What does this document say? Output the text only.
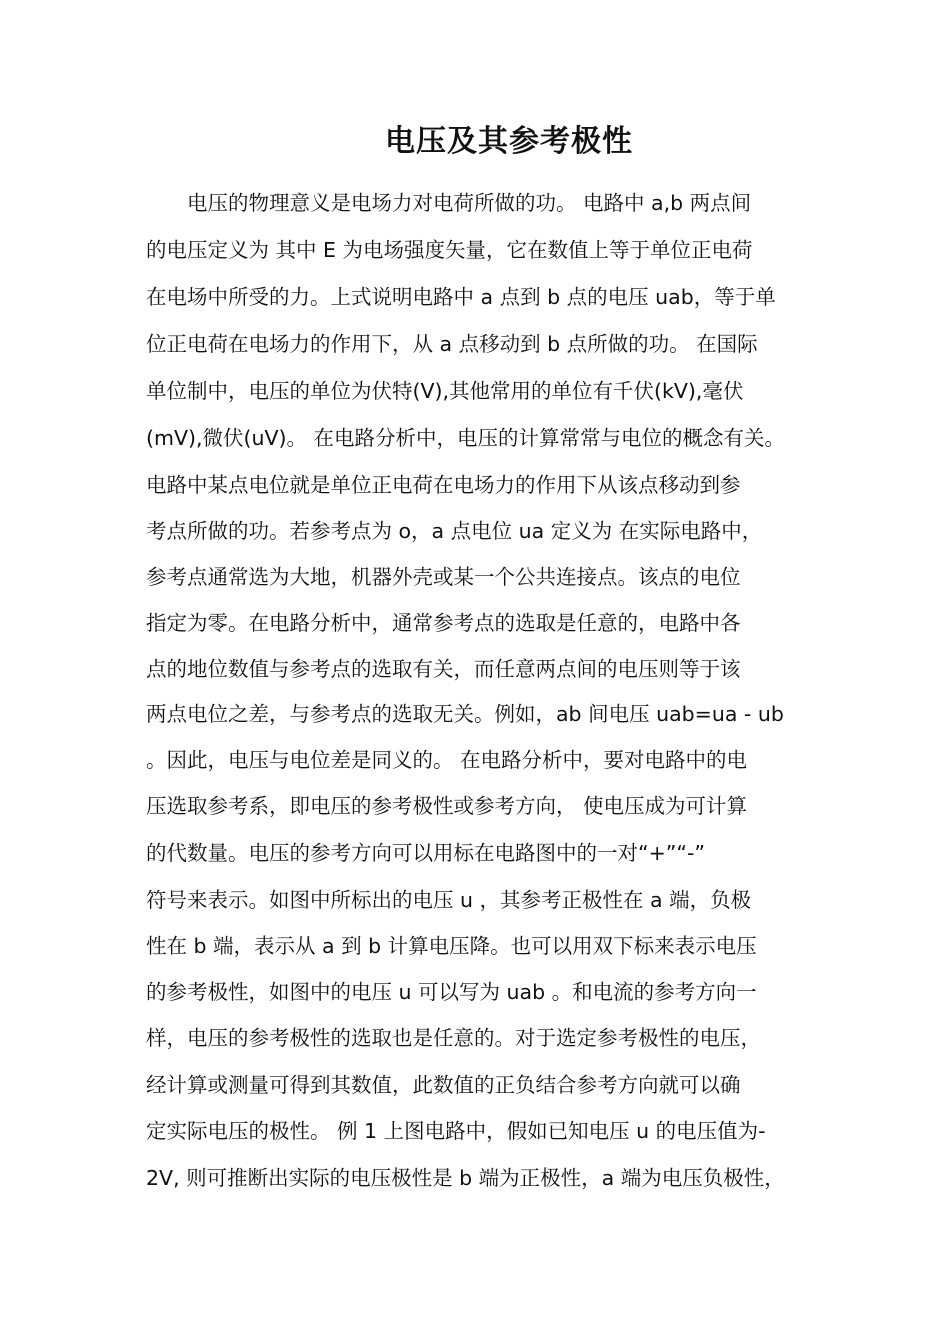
电压及其参考极性

　　电压的物理意义是电场力对电荷所做的功。 电路中 a,b 两点间

的电压定义为 其中 E 为电场强度矢量，它在数值上等于单位正电荷

在电场中所受的力。上式说明电路中 a 点到 b 点的电压 uab，等于单

位正电荷在电场力的作用下，从 a 点移动到 b 点所做的功。 在国际

单位制中，电压的单位为伏特(V),其他常用的单位有千伏(kV),毫伏

(mV),微伏(uV)。 在电路分析中，电压的计算常常与电位的概念有关。

电路中某点电位就是单位正电荷在电场力的作用下从该点移动到参

考点所做的功。若参考点为 o，a 点电位 ua 定义为 在实际电路中，

参考点通常选为大地，机器外壳或某一个公共连接点。该点的电位

指定为零。在电路分析中，通常参考点的选取是任意的，电路中各

点的地位数值与参考点的选取有关，而任意两点间的电压则等于该

两点电位之差，与参考点的选取无关。例如，ab 间电压 uab=ua - ub

。因此，电压与电位差是同义的。 在电路分析中，要对电路中的电

压选取参考系，即电压的参考极性或参考方向， 使电压成为可计算

的代数量。电压的参考方向可以用标在电路图中的一对“+”“-”

符号来表示。如图中所标出的电压 u ，其参考正极性在 a 端，负极

性在 b 端，表示从 a 到 b 计算电压降。也可以用双下标来表示电压

的参考极性，如图中的电压 u 可以写为 uab 。和电流的参考方向一

样，电压的参考极性的选取也是任意的。对于选定参考极性的电压，

经计算或测量可得到其数值，此数值的正负结合参考方向就可以确

定实际电压的极性。 例 1 上图电路中，假如已知电压 u 的电压值为-

2V, 则可推断出实际的电压极性是 b 端为正极性，a 端为电压负极性，
